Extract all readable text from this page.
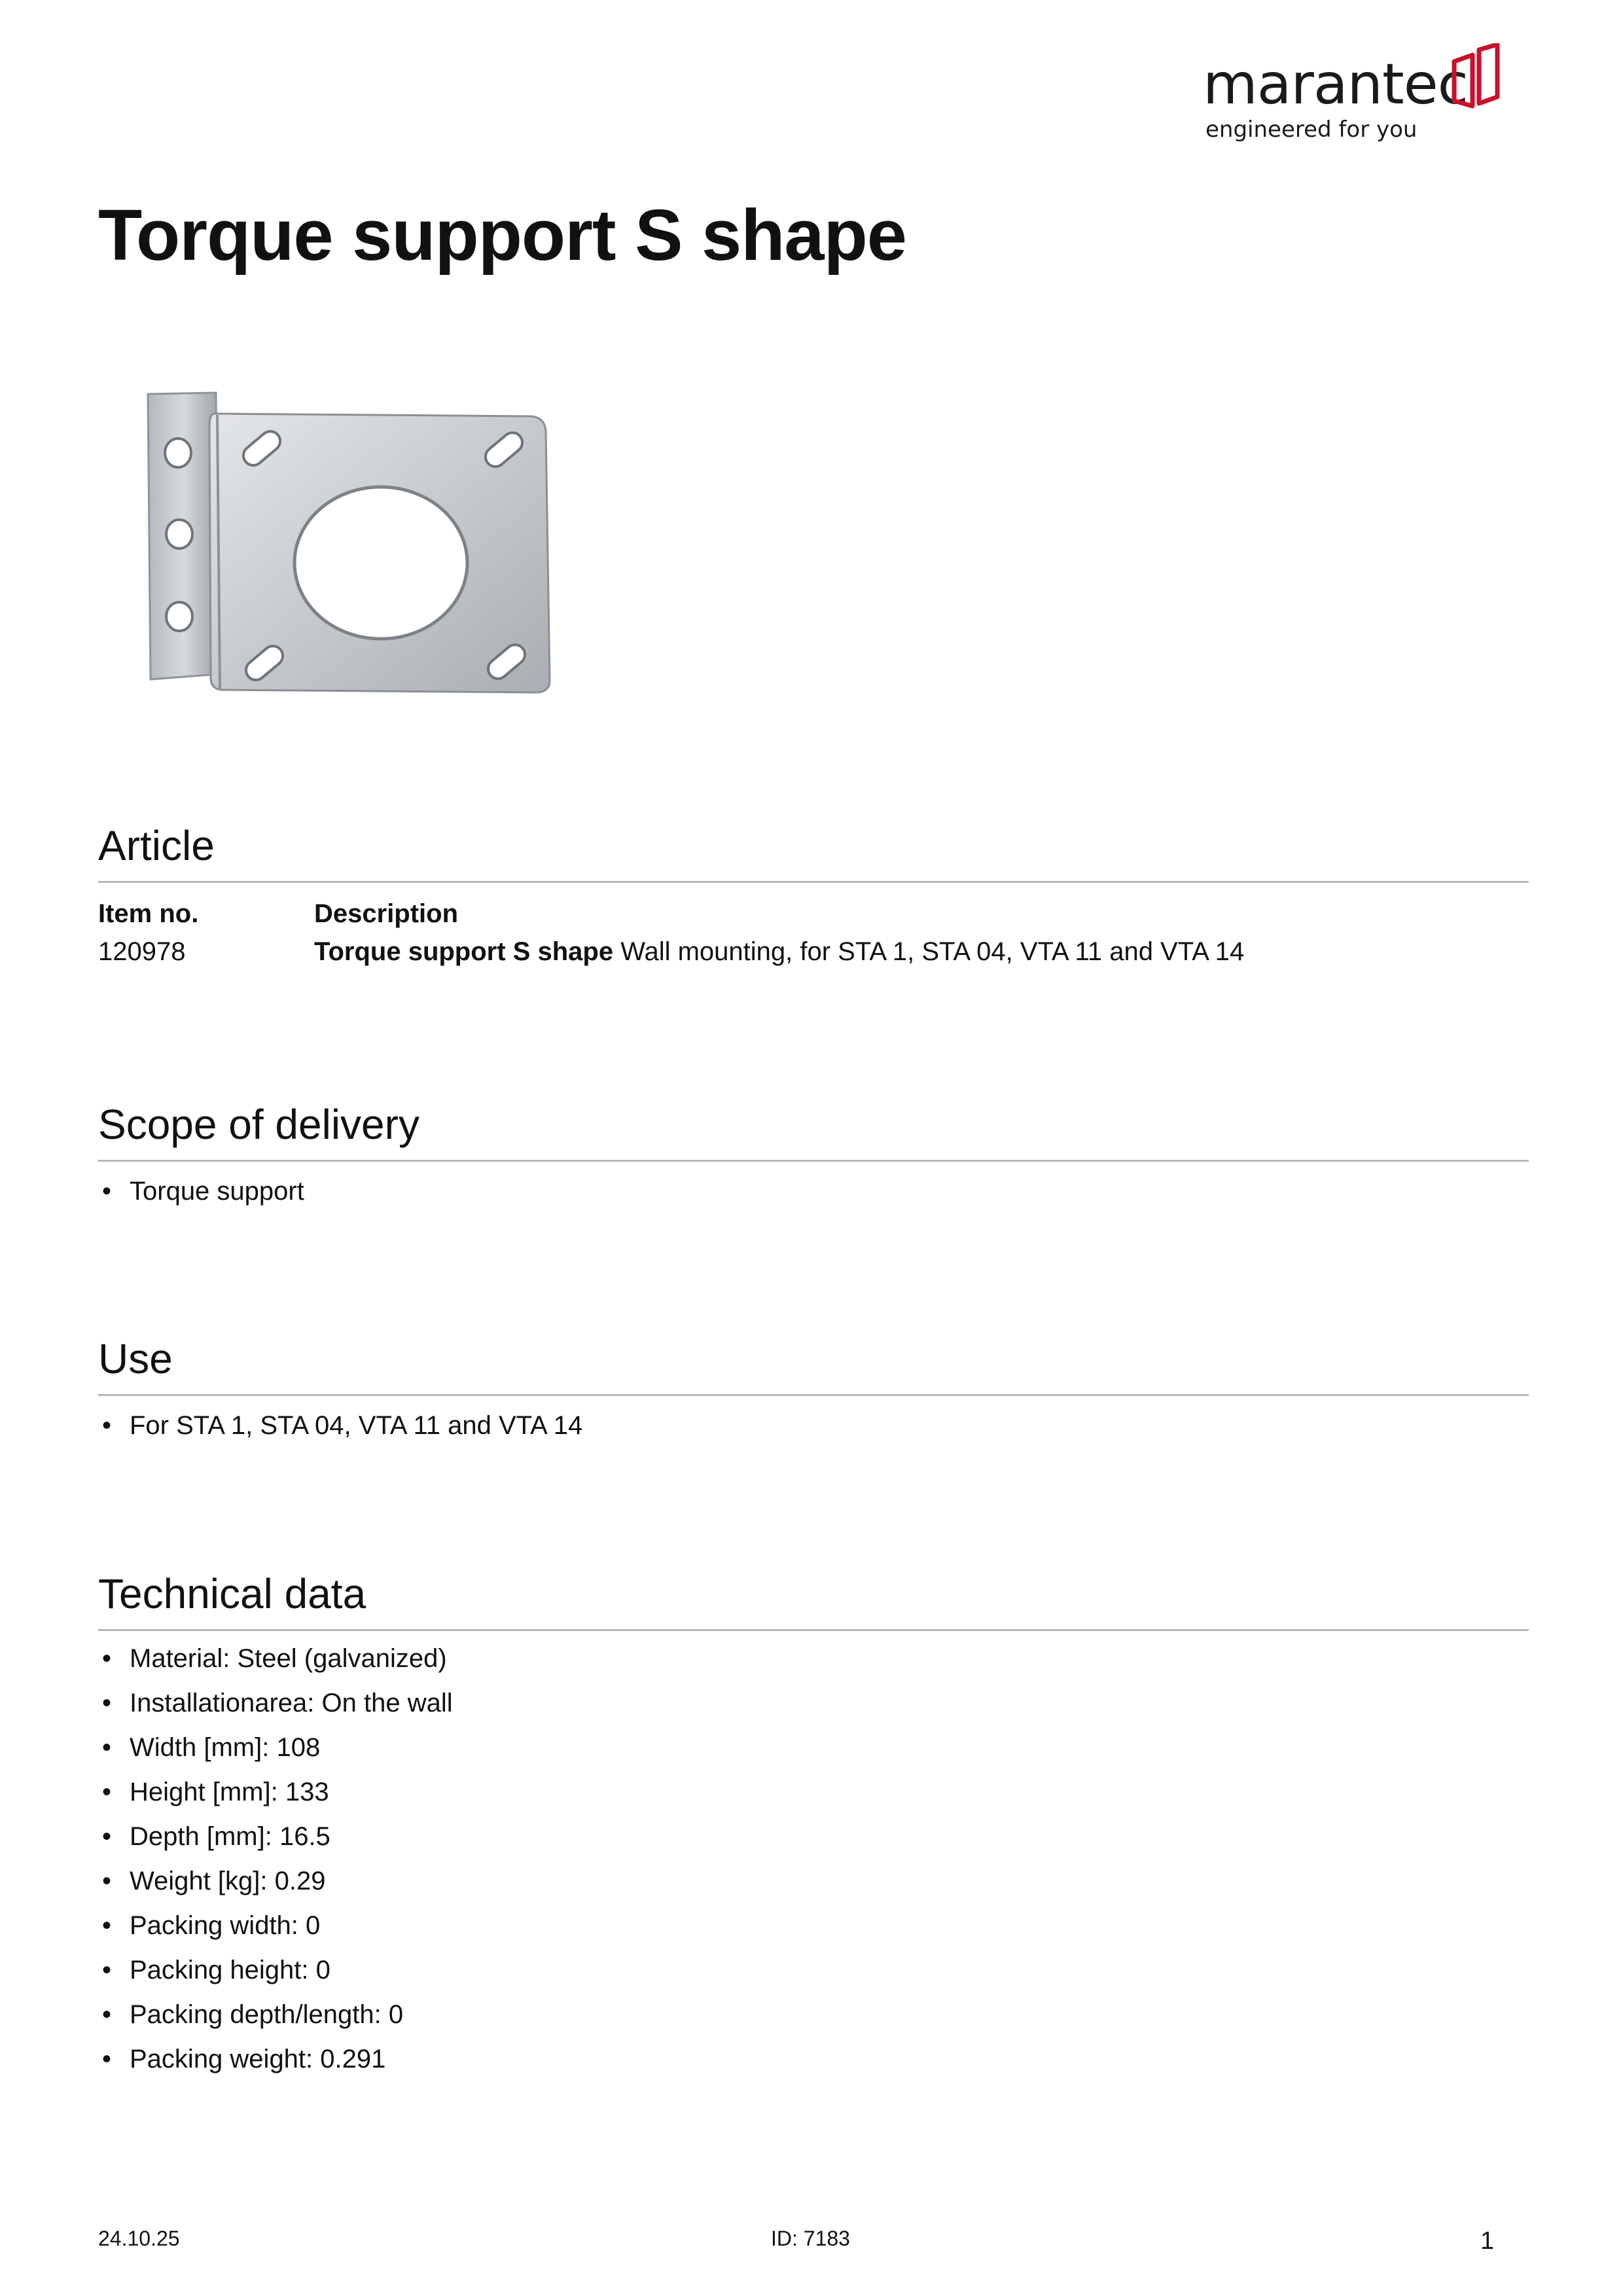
marantec
engineered for you
Torque support S shape
Article
Item no.	Description
120978	Torque support S shape Wall mounting, for STA 1, STA 04, VTA 11 and VTA 14
Scope of delivery
• Torque support
Use
• For STA 1, STA 04, VTA 11 and VTA 14
Technical data
• Material: Steel (galvanized)
• Installationarea: On the wall
• Width [mm]: 108
• Height [mm]: 133
• Depth [mm]: 16.5
• Weight [kg]: 0.29
• Packing width: 0
• Packing height: 0
• Packing depth/length: 0
• Packing weight: 0.291
24.10.25	ID: 7183	1
